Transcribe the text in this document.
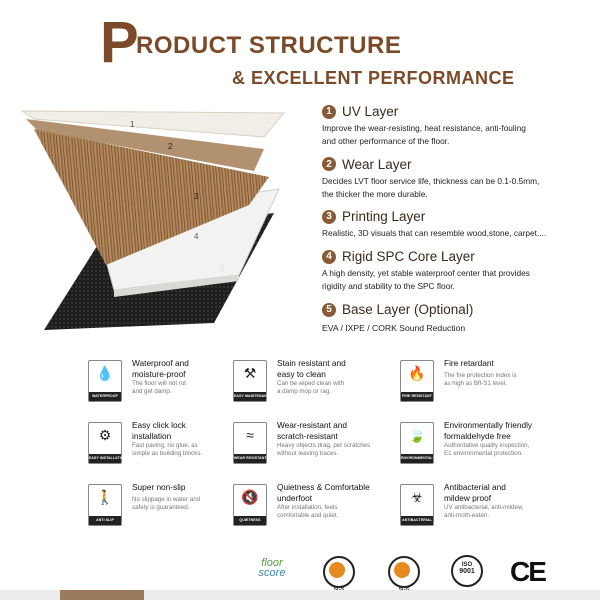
P
RODUCT STRUCTURE
& EXCELLENT PERFORMANCE
1
2
3
4
5
1 UV Layer
Improve the wear-resisting, heat resistance, anti-fouling
and other performance of the floor.
2 Wear Layer
Decides LVT floor service life, thickness can be 0.1-0.5mm,
the thicker the more durable.
3 Printing Layer
Realistic, 3D visuals that can resemble wood,stone, carpet....
4 Rigid SPC Core Layer
A high density, yet stable waterproof center that provides
rigidity and stability to the SPC floor.
5 Base Layer (Optional)
EVA / IXPE / CORK Sound Reduction
💧
WATERPROOF
Waterproof and
moisture-proof
The floor will not rot
and get damp.
⚒
EASY MAINTENANCE
Stain resistant and
easy to clean
Can be wiped clean with
a damp mop or rag.
🔥
FIRE RESISTANT
Fire retardant
The fire protection index is
as high as Bfl-S1 level.
⚙
EASY INSTALLATION
Easy click lock
installation
Fast paving, no glue, as
simple as building blocks.
≈
WEAR RESISTANT
Wear-resistant and
scratch-resistant
Heavy objects drag, pet scratches
without leaving traces.
🍃
ENVIRONMENTAL FRIENDLY
Environmentally friendly
formaldehyde free
Authoritative quality inspection,
E1 environmental protection.
🚶
ANTI SLIP
Super non-slip
No slippage in water and
safety is guaranteed.
🔇
QUIETNESS
Quietness & Comfortable
underfoot
After installation, feels
comfortable and quiet.
☣
ANTIBACTERIAL
Antibacterial and
mildew proof
UV antibacterial, anti-mildew,
anti-moth-eaten.
floor
score
ISO
9001 CE
